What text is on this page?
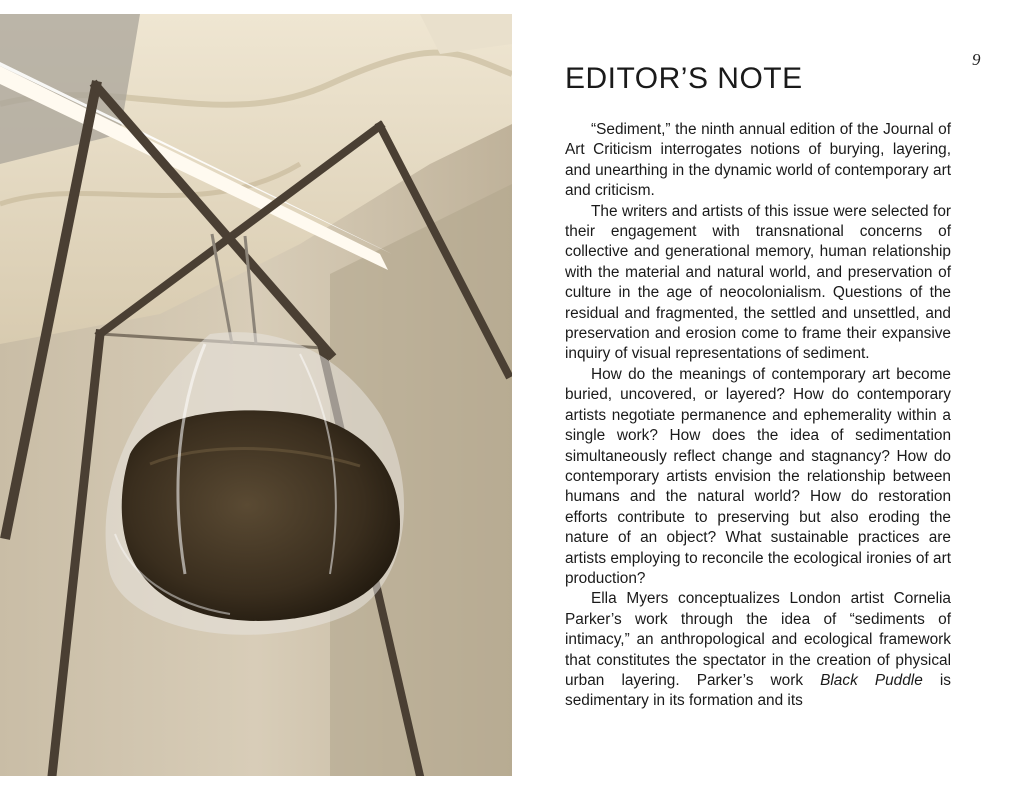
9
EDITOR’S NOTE

“Sediment,” the ninth annual edition of the Journal of Art Criticism interrogates notions of burying, layering, and unearthing in the dynamic world of contemporary art and criticism.

The writers and artists of this issue were selected for their engagement with transnational concerns of collective and generational memory, human relationship with the material and natural world, and preservation of culture in the age of neocolonialism. Questions of the residual and fragmented, the settled and unsettled, and preservation and erosion come to frame their expansive inquiry of visual representations of sediment.

How do the meanings of contemporary art become buried, uncovered, or layered? How do contemporary artists negotiate permanence and ephemerality within a single work? How does the idea of sedimentation simultaneously reflect change and stagnancy? How do contemporary artists envision the relationship between humans and the natural world? How do restoration efforts contribute to preserving but also eroding the nature of an object? What sustainable practices are artists employing to reconcile the ecological ironies of art production?

Ella Myers conceptualizes London artist Cornelia Parker’s work through the idea of “sediments of intimacy,” an anthropological and ecological framework that constitutes the spectator in the creation of physical urban layering. Parker’s work Black Puddle is sedimentary in its formation and its
